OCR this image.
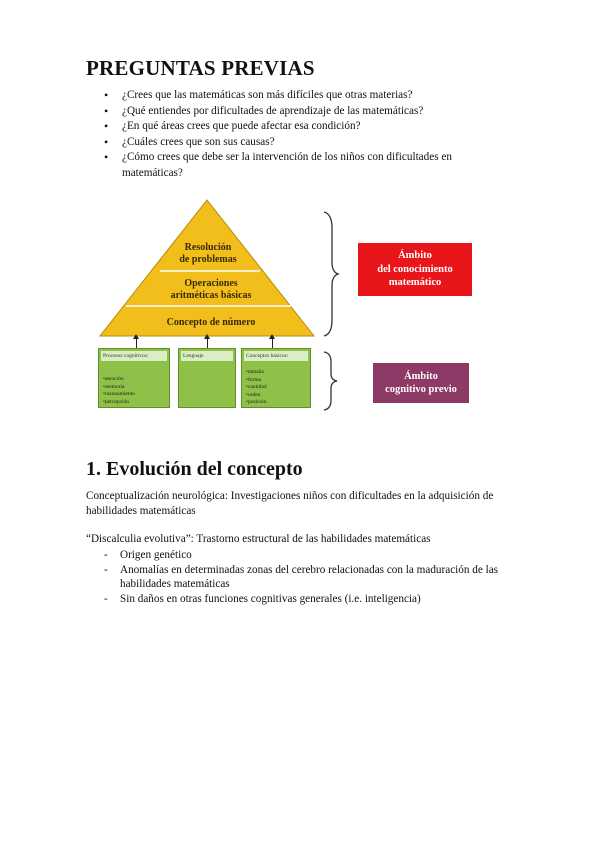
PREGUNTAS PREVIAS
• ¿Crees que las matemáticas son más difíciles que otras materias?
• ¿Qué entiendes por dificultades de aprendizaje de las matemáticas?
• ¿En qué áreas crees que puede afectar esa condición?
• ¿Cuáles crees que son sus causas?
• ¿Cómo crees que debe ser la intervención de los niños con dificultades en matemáticas?
Resolución
de problemas
Operaciones
aritméticas básicas
Concepto de número
Procesos cognitivos:
• atención
• memoria
• razonamiento
• percepción
Lenguaje	Conceptos básicos:
• tamaño
• forma
• cantidad
• orden
• posición
Ámbito
del conocimiento
matemático
Ámbito
cognitivo previo
1. Evolución del concepto
Conceptualización neurológica: Investigaciones niños con dificultades en la adquisición de habilidades matemáticas
“Discalculia evolutiva”: Trastorno estructural de las habilidades matemáticas
- Origen genético
- Anomalías en determinadas zonas del cerebro relacionadas con la maduración de las habilidades matemáticas
- Sin daños en otras funciones cognitivas generales (i.e. inteligencia)
